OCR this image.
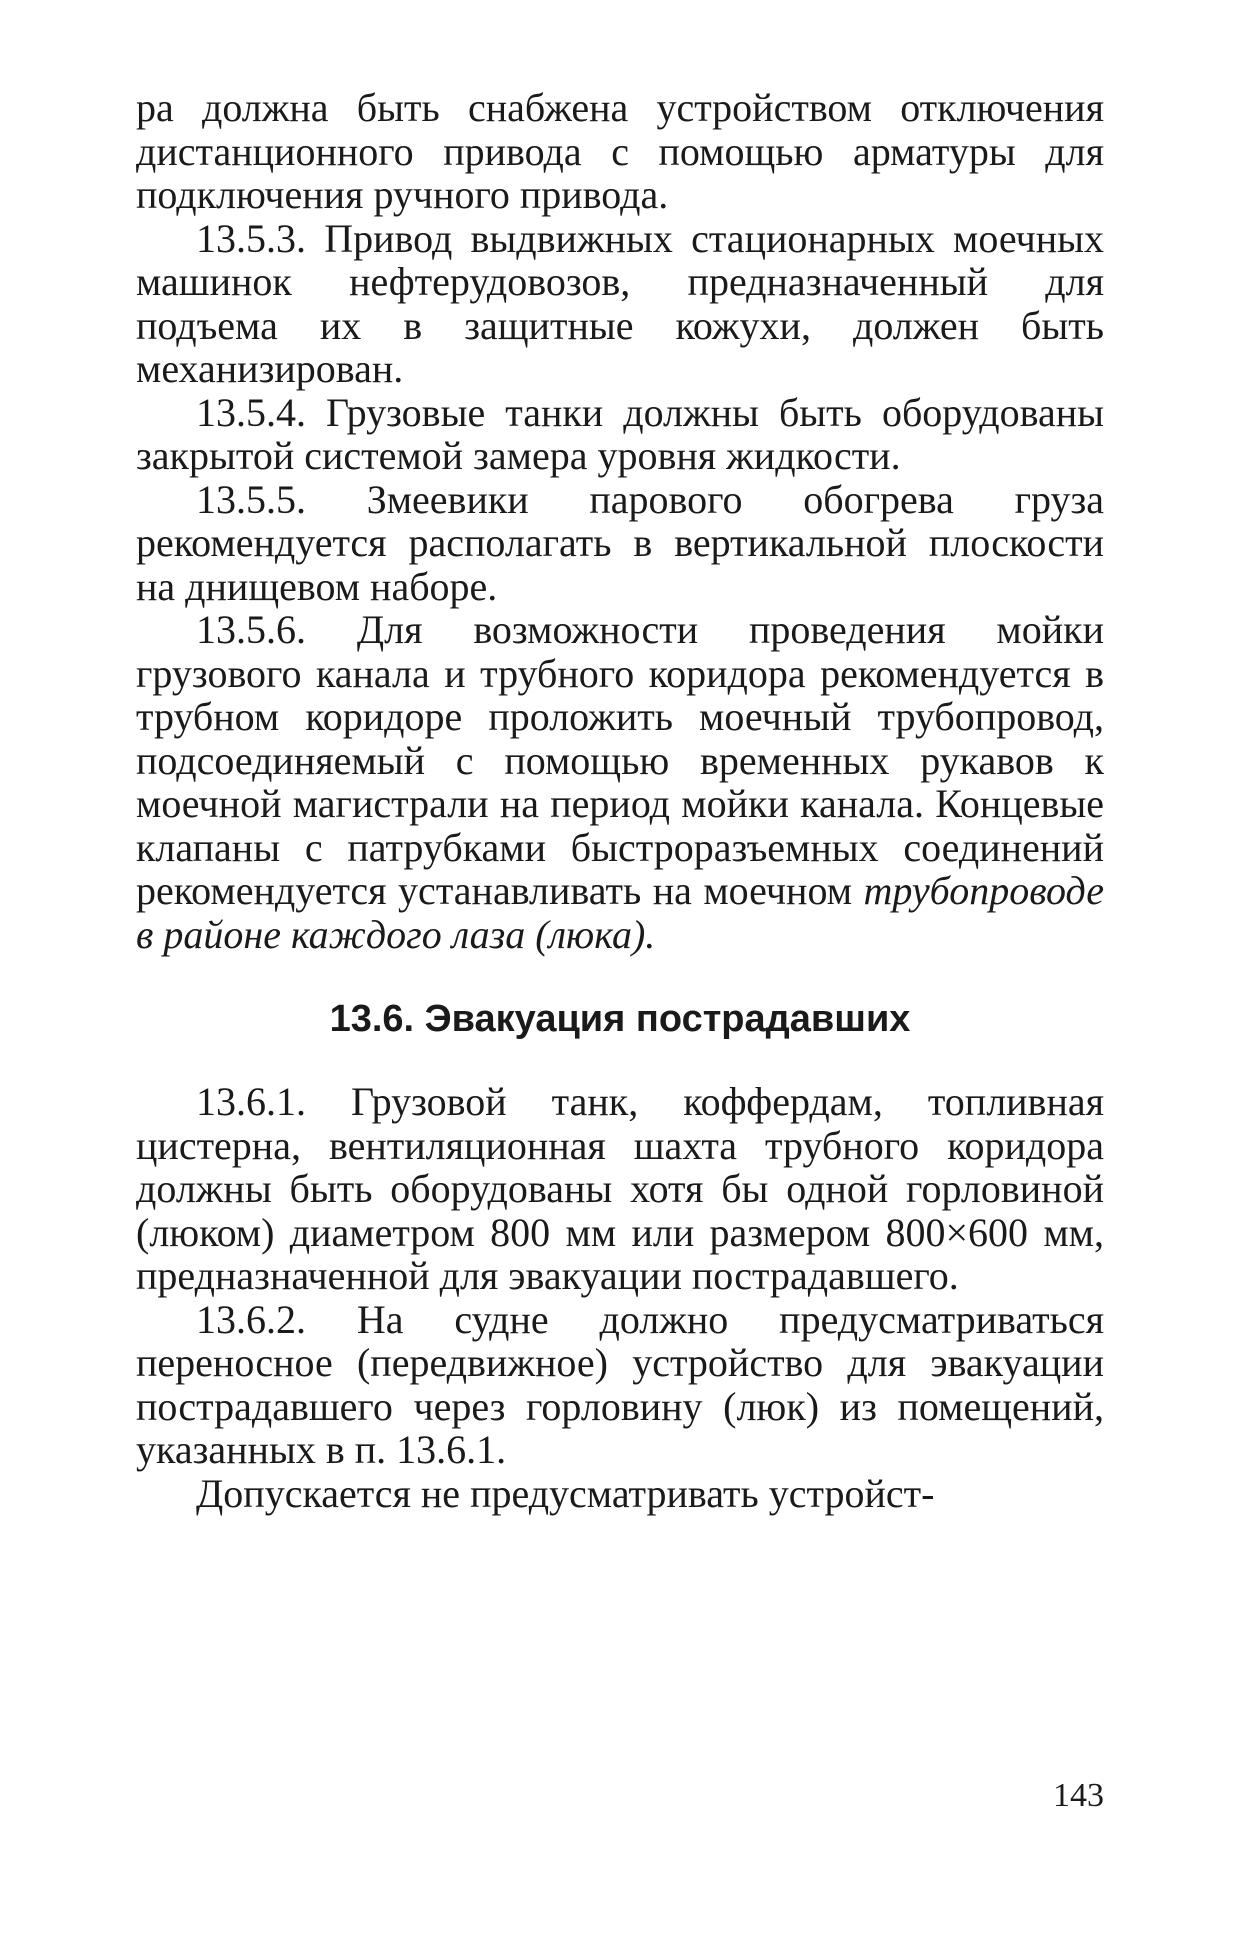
ра должна быть снабжена устройством отключения дистанционного привода с помощью арматуры для подключения ручного привода.

13.5.3. Привод выдвижных стационарных моечных машинок нефтерудовозов, предназначенный для подъема их в защитные кожухи, должен быть механизирован.

13.5.4. Грузовые танки должны быть оборудованы закрытой системой замера уровня жидкости.

13.5.5. Змеевики парового обогрева груза рекомендуется располагать в вертикальной плоскости на днищевом наборе.

13.5.6. Для возможности проведения мойки грузового канала и трубного коридора рекомендуется в трубном коридоре проложить моечный трубопровод, подсоединяемый с помощью временных рукавов к моечной магистрали на период мойки канала. Концевые клапаны с патрубками быстроразъемных соединений рекомендуется устанавливать на моечном трубопроводе в районе каждого лаза (люка).

13.6. Эвакуация пострадавших

13.6.1. Грузовой танк, коффердам, топливная цистерна, вентиляционная шахта трубного коридора должны быть оборудованы хотя бы одной горловиной (люком) диаметром 800 мм или размером 800×600 мм, предназначенной для эвакуации пострадавшего.

13.6.2. На судне должно предусматриваться переносное (передвижное) устройство для эвакуации пострадавшего через горловину (люк) из помещений, указанных в п. 13.6.1.

Допускается не предусматривать устройст-

143
